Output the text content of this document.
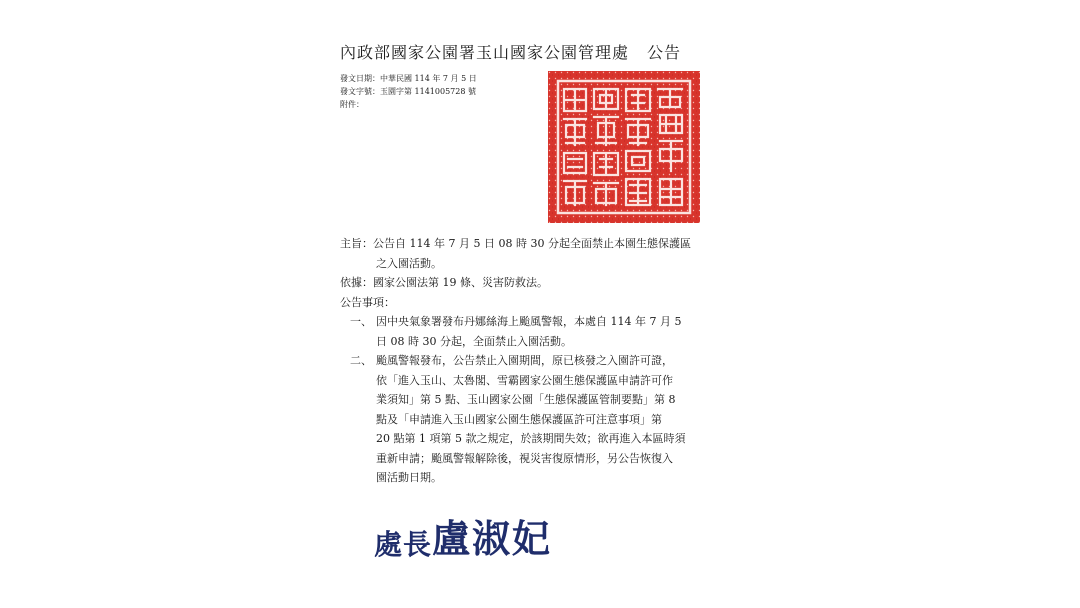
內政部國家公園署玉山國家公園管理處 公告
發文日期：中華民國 114 年 7 月 5 日
發文字號：玉園字第 1141005728 號
附件：
主旨：公告自 114 年 7 月 5 日 08 時 30 分起全面禁止本園生態保護區
之入園活動。
依據：國家公園法第 19 條、災害防救法。
公告事項：
一、 因中央氣象署發布丹娜絲海上颱風警報，本處自 114 年 7 月 5
日 08 時 30 分起，全面禁止入園活動。
二、 颱風警報發布，公告禁止入園期間，原已核發之入園許可證，
依「進入玉山、太魯閣、雪霸國家公園生態保護區申請許可作
業須知」第 5 點、玉山國家公園「生態保護區管制要點」第 8
點及「申請進入玉山國家公園生態保護區許可注意事項」第
20 點第 1 項第 5 款之規定，於該期間失效；欲再進入本區時須
重新申請；颱風警報解除後，視災害復原情形，另公告恢復入
園活動日期。
處長盧淑妃
